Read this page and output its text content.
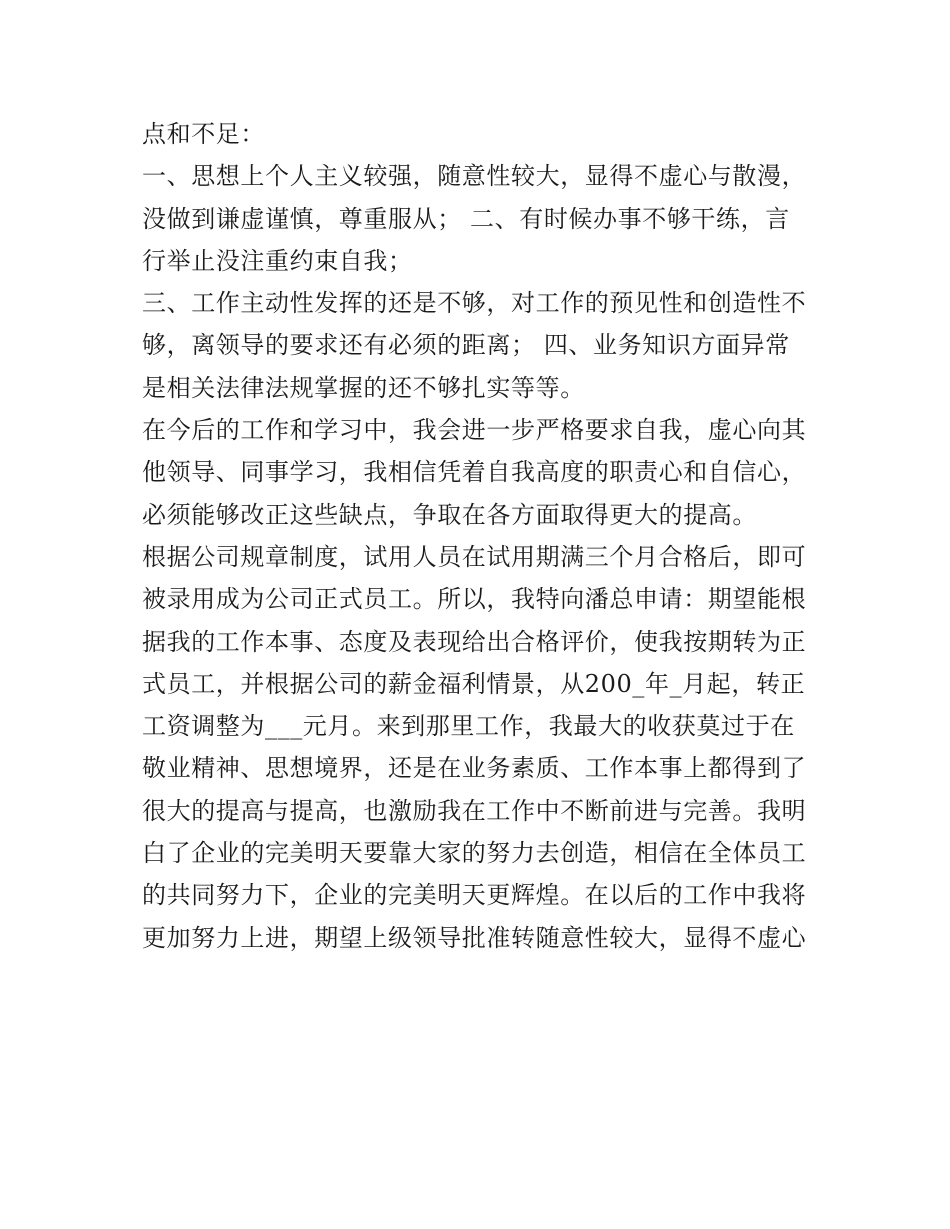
点和不足：
一、思想上个人主义较强，随意性较大，显得不虚心与散漫，
没做到谦虚谨慎，尊重服从； 二、有时候办事不够干练，言
行举止没注重约束自我；
三、工作主动性发挥的还是不够，对工作的预见性和创造性不
够，离领导的要求还有必须的距离； 四、业务知识方面异常
是相关法律法规掌握的还不够扎实等等。
在今后的工作和学习中，我会进一步严格要求自我，虚心向其
他领导、同事学习，我相信凭着自我高度的职责心和自信心，
必须能够改正这些缺点，争取在各方面取得更大的提高。
根据公司规章制度，试用人员在试用期满三个月合格后，即可
被录用成为公司正式员工。所以，我特向潘总申请：期望能根
据我的工作本事、态度及表现给出合格评价，使我按期转为正
式员工，并根据公司的薪金福利情景，从200_年_月起，转正
工资调整为___元月。来到那里工作，我最大的收获莫过于在
敬业精神、思想境界，还是在业务素质、工作本事上都得到了
很大的提高与提高，也激励我在工作中不断前进与完善。我明
白了企业的完美明天要靠大家的努力去创造，相信在全体员工
的共同努力下，企业的完美明天更辉煌。在以后的工作中我将
更加努力上进，期望上级领导批准转随意性较大，显得不虚心
